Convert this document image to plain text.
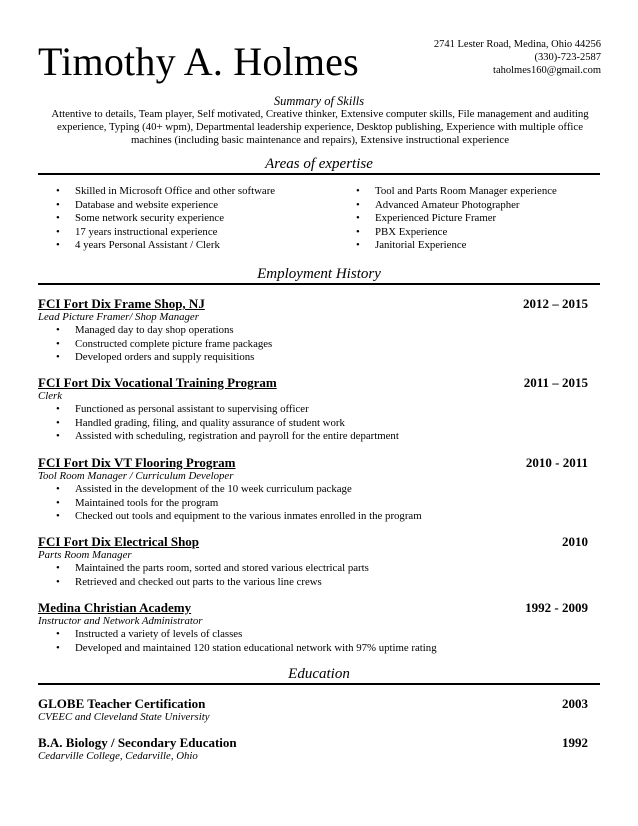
Timothy A. Holmes	2741 Lester Road, Medina, Ohio 44256
(330)-723-2587
taholmes160@gmail.com
Summary of Skills
Attentive to details, Team player, Self motivated, Creative thinker, Extensive computer skills, File management and auditing experience, Typing (40+ wpm), Departmental leadership experience, Desktop publishing, Experience with multiple office machines (including basic maintenance and repairs), Extensive instructional experience
Areas of expertise
• Skilled in Microsoft Office and other software
• Database and website experience
• Some network security experience
• 17 years instructional experience
• 4 years Personal Assistant / Clerk
• Tool and Parts Room Manager experience
• Advanced Amateur Photographer
• Experienced Picture Framer
• PBX Experience
• Janitorial Experience
Employment History
FCI Fort Dix Frame Shop, NJ	2012 – 2015
Lead Picture Framer/ Shop Manager
• Managed day to day shop operations
• Constructed complete picture frame packages
• Developed orders and supply requisitions
FCI Fort Dix Vocational Training Program	2011 – 2015
Clerk
• Functioned as personal assistant to supervising officer
• Handled grading, filing, and quality assurance of student work
• Assisted with scheduling, registration and payroll for the entire department
FCI Fort Dix VT Flooring Program	2010 - 2011
Tool Room Manager / Curriculum Developer
• Assisted in the development of the 10 week curriculum package
• Maintained tools for the program
• Checked out tools and equipment to the various inmates enrolled in the program
FCI Fort Dix Electrical Shop	2010
Parts Room Manager
• Maintained the parts room, sorted and stored various electrical parts
• Retrieved and checked out parts to the various line crews
Medina Christian Academy	1992 - 2009
Instructor and Network Administrator
• Instructed a variety of levels of classes
• Developed and maintained 120 station educational network with 97% uptime rating
Education
GLOBE Teacher Certification	2003
CVEEC and Cleveland State University
B.A. Biology / Secondary Education	1992
Cedarville College, Cedarville, Ohio
